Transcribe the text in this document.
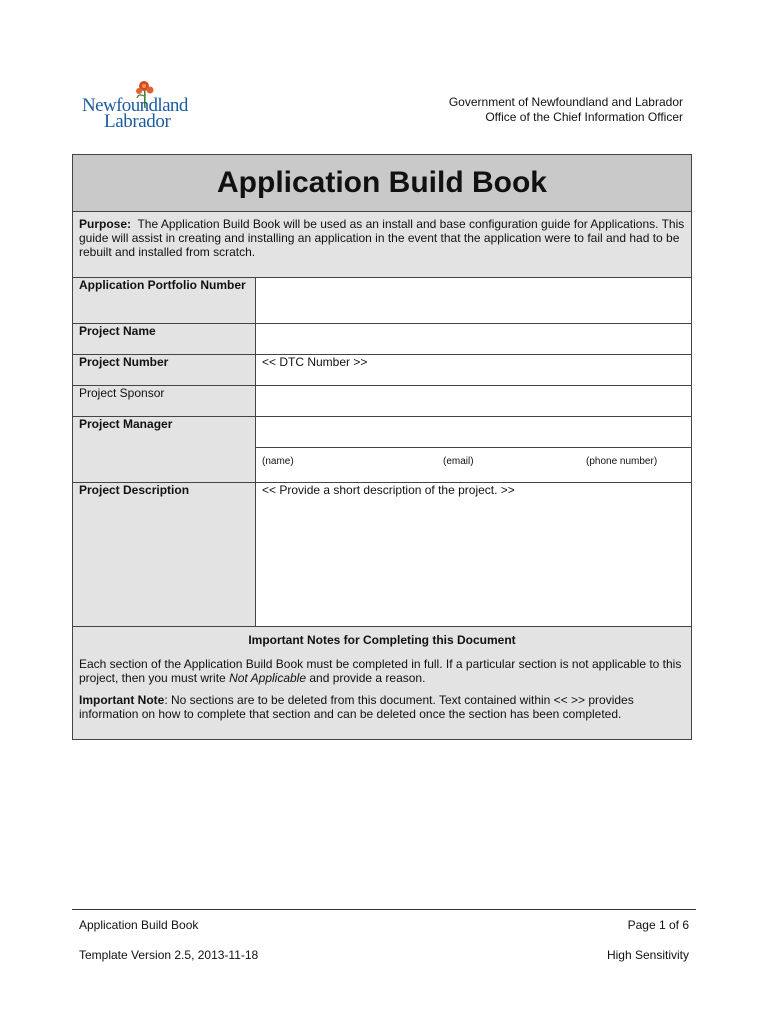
Newfoundland
Labrador
Government of Newfoundland and Labrador
Office of the Chief Information Officer
Application Build Book	
Purpose: The Application Build Book will be used as an install and base configuration guide for Applications. This guide will assist in creating and installing an application in the event that the application were to fail and had to be rebuilt and installed from scratch.	
Application Portfolio Number	
Project Name	
Project Number	<< DTC Number >>
Project Sponsor	
Project Manager	
	(name) (email) (phone number)
Project Description	<< Provide a short description of the project. >>

Important Notes for Completing this Document

Each section of the Application Build Book must be completed in full. If a particular section is not applicable to this project, then you must write Not Applicable and provide a reason.

Important Note: No sections are to be deleted from this document. Text contained within << >> provides information on how to complete that section and can be deleted once the section has been completed.	

Application Build Book	Page 1 of 6
Template Version 2.5, 2013-11-18	High Sensitivity
